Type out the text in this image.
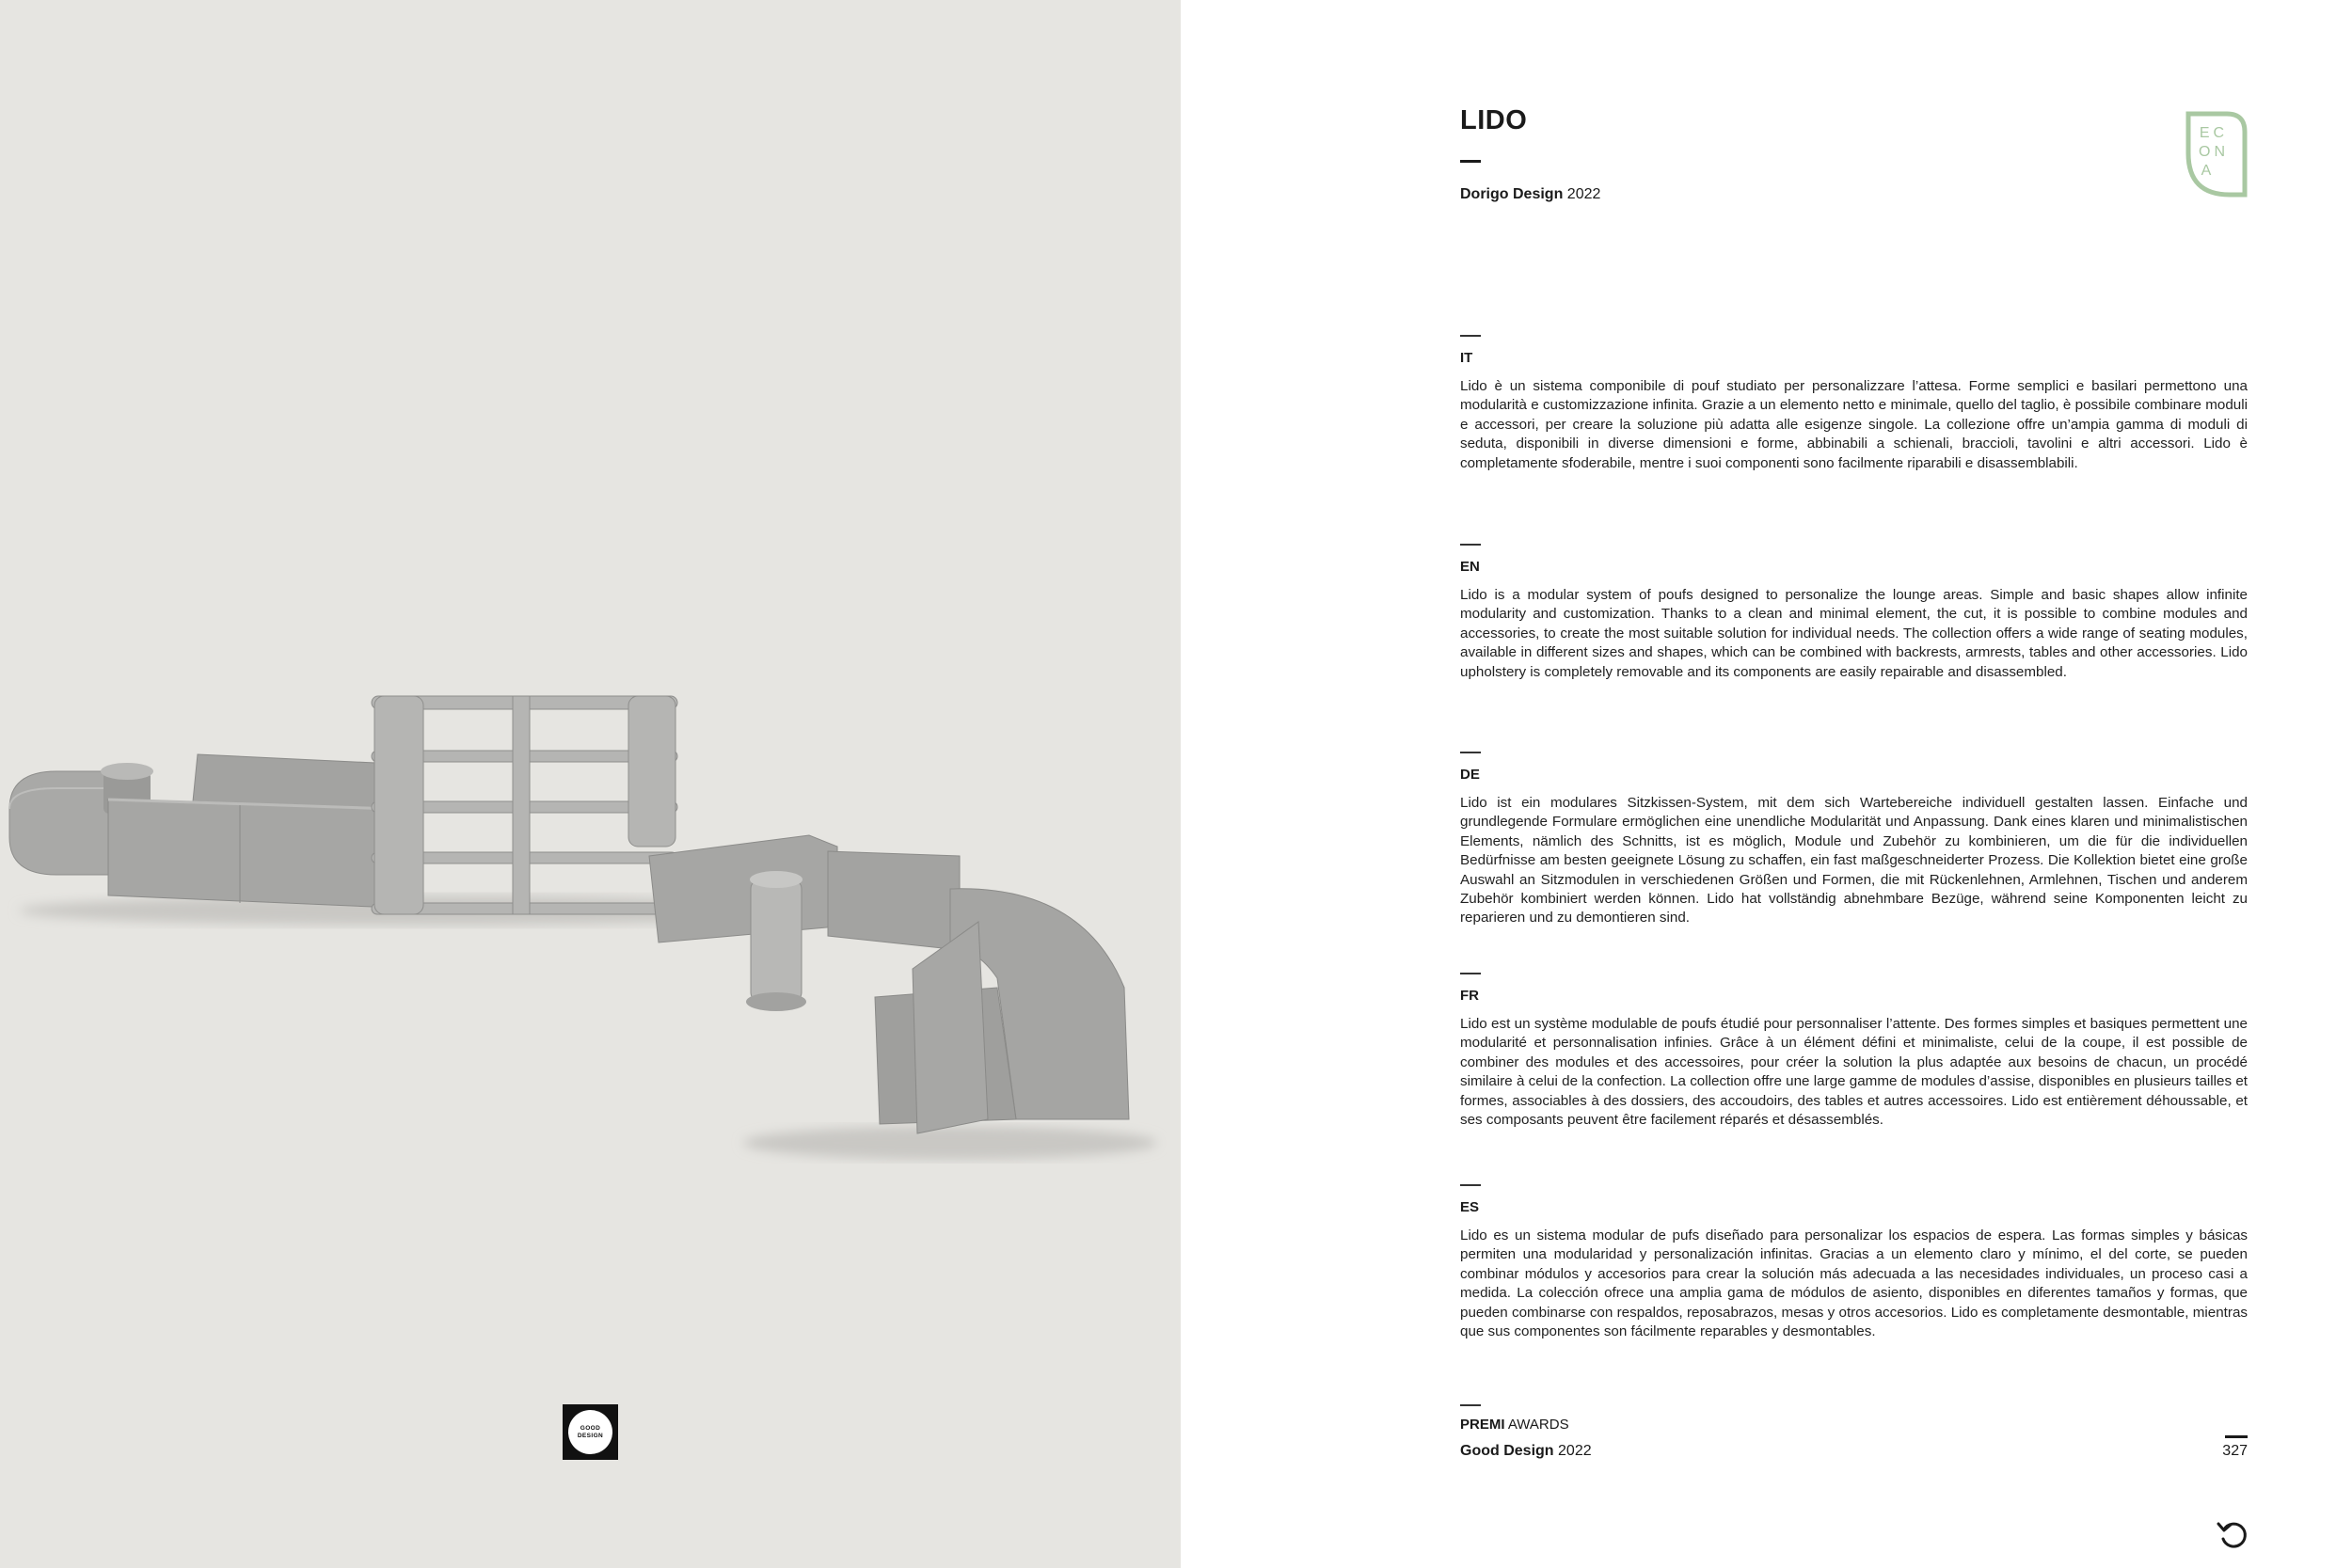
GOOD
DESIGN
LIDO
Dorigo Design 2022
EC
ON
A
IT

Lido è un sistema componibile di pouf studiato per personalizzare l’attesa. Forme semplici e basilari permettono una modularità e customizzazione infinita. Grazie a un elemento netto e minimale, quello del taglio, è possibile combinare moduli e accessori, per creare la soluzione più adatta alle esigenze singole. La collezione offre un’ampia gamma di moduli di seduta, disponibili in diverse dimensioni e forme, abbinabili a schienali, braccioli, tavolini e altri accessori. Lido è completamente sfoderabile, mentre i suoi componenti sono facilmente riparabili e disassemblabili.

EN

Lido is a modular system of poufs designed to personalize the lounge areas. Simple and basic shapes allow infinite modularity and customization. Thanks to a clean and minimal element, the cut, it is possible to combine modules and accessories, to create the most suitable solution for individual needs. The collection offers a wide range of seating modules, available in different sizes and shapes, which can be combined with backrests, armrests, tables and other accessories. Lido upholstery is completely removable and its components are easily repairable and disassembled.

DE

Lido ist ein modulares Sitzkissen-System, mit dem sich Wartebereiche individuell gestalten lassen. Einfache und grundlegende Formulare ermöglichen eine unendliche Modularität und Anpassung. Dank eines klaren und minimalistischen Elements, nämlich des Schnitts, ist es möglich, Module und Zubehör zu kombinieren, um die für die individuellen Bedürfnisse am besten geeignete Lösung zu schaffen, ein fast maßgeschneiderter Prozess. Die Kollektion bietet eine große Auswahl an Sitzmodulen in verschiedenen Größen und Formen, die mit Rückenlehnen, Armlehnen, Tischen und anderem Zubehör kombiniert werden können. Lido hat vollständig abnehmbare Bezüge, während seine Komponenten leicht zu reparieren und zu demontieren sind.

FR

Lido est un système modulable de poufs étudié pour personnaliser l’attente. Des formes simples et basiques permettent une modularité et personnalisation infinies. Grâce à un élément défini et minimaliste, celui de la coupe, il est possible de combiner des modules et des accessoires, pour créer la solution la plus adaptée aux besoins de chacun, un procédé similaire à celui de la confection. La collection offre une large gamme de modules d’assise, disponibles en plusieurs tailles et formes, associables à des dossiers, des accoudoirs, des tables et autres accessoires. Lido est entièrement déhoussable, et ses composants peuvent être facilement réparés et désassemblés.

ES

Lido es un sistema modular de pufs diseñado para personalizar los espacios de espera. Las formas simples y básicas permiten una modularidad y personalización infinitas. Gracias a un elemento claro y mínimo, el del corte, se pueden combinar módulos y accesorios para crear la solución más adecuada a las necesidades individuales, un proceso casi a medida. La colección ofrece una amplia gama de módulos de asiento, disponibles en diferentes tamaños y formas, que pueden combinarse con respaldos, reposabrazos, mesas y otros accesorios. Lido es completamente desmontable, mientras que sus componentes son fácilmente reparables y desmontables.

PREMI AWARDS
Good Design 2022	327
